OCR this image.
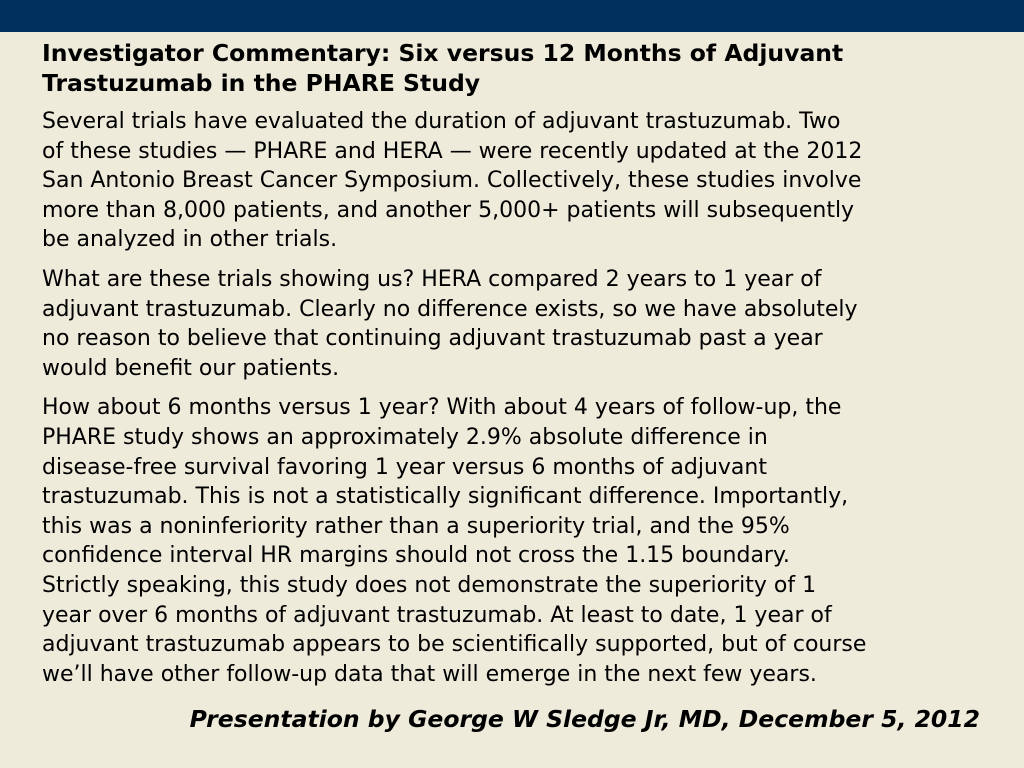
Investigator Commentary: Six versus 12 Months of Adjuvant
Trastuzumab in the PHARE Study
Several trials have evaluated the duration of adjuvant trastuzumab. Two
of these studies — PHARE and HERA — were recently updated at the 2012
San Antonio Breast Cancer Symposium. Collectively, these studies involve
more than 8,000 patients, and another 5,000+ patients will subsequently
be analyzed in other trials.
What are these trials showing us? HERA compared 2 years to 1 year of
adjuvant trastuzumab. Clearly no difference exists, so we have absolutely
no reason to believe that continuing adjuvant trastuzumab past a year
would benefit our patients.
How about 6 months versus 1 year? With about 4 years of follow-up, the
PHARE study shows an approximately 2.9% absolute difference in
disease-free survival favoring 1 year versus 6 months of adjuvant
trastuzumab. This is not a statistically significant difference. Importantly,
this was a noninferiority rather than a superiority trial, and the 95%
confidence interval HR margins should not cross the 1.15 boundary.
Strictly speaking, this study does not demonstrate the superiority of 1
year over 6 months of adjuvant trastuzumab. At least to date, 1 year of
adjuvant trastuzumab appears to be scientifically supported, but of course
we’ll have other follow-up data that will emerge in the next few years.
Presentation by George W Sledge Jr, MD, December 5, 2012
